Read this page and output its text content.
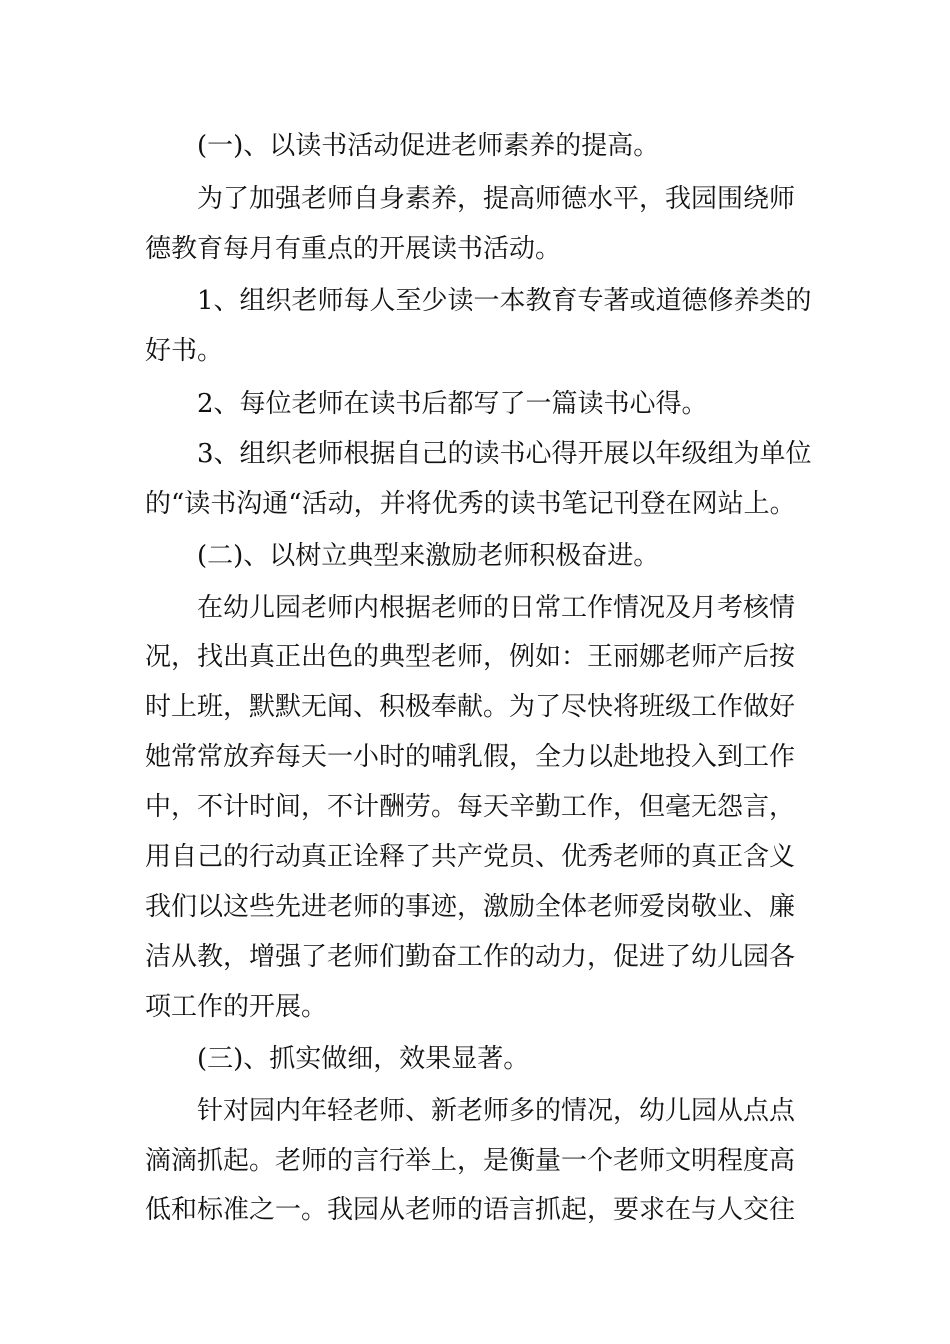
(一)、以读书活动促进老师素养的提高。
为了加强老师自身素养，提高师德水平，我园围绕师
德教育每月有重点的开展读书活动。
1、组织老师每人至少读一本教育专著或道德修养类的
好书。
2、每位老师在读书后都写了一篇读书心得。
3、组织老师根据自己的读书心得开展以年级组为单位
的“读书沟通“活动，并将优秀的读书笔记刊登在网站上。
(二)、以树立典型来激励老师积极奋进。
在幼儿园老师内根据老师的日常工作情况及月考核情
况，找出真正出色的典型老师，例如：王丽娜老师产后按
时上班，默默无闻、积极奉献。为了尽快将班级工作做好
她常常放弃每天一小时的哺乳假，全力以赴地投入到工作
中，不计时间，不计酬劳。每天辛勤工作，但毫无怨言，
用自己的行动真正诠释了共产党员、优秀老师的真正含义
我们以这些先进老师的事迹，激励全体老师爱岗敬业、廉
洁从教，增强了老师们勤奋工作的动力，促进了幼儿园各
项工作的开展。
(三)、抓实做细，效果显著。
针对园内年轻老师、新老师多的情况，幼儿园从点点
滴滴抓起。老师的言行举上，是衡量一个老师文明程度高
低和标准之一。我园从老师的语言抓起，要求在与人交往
